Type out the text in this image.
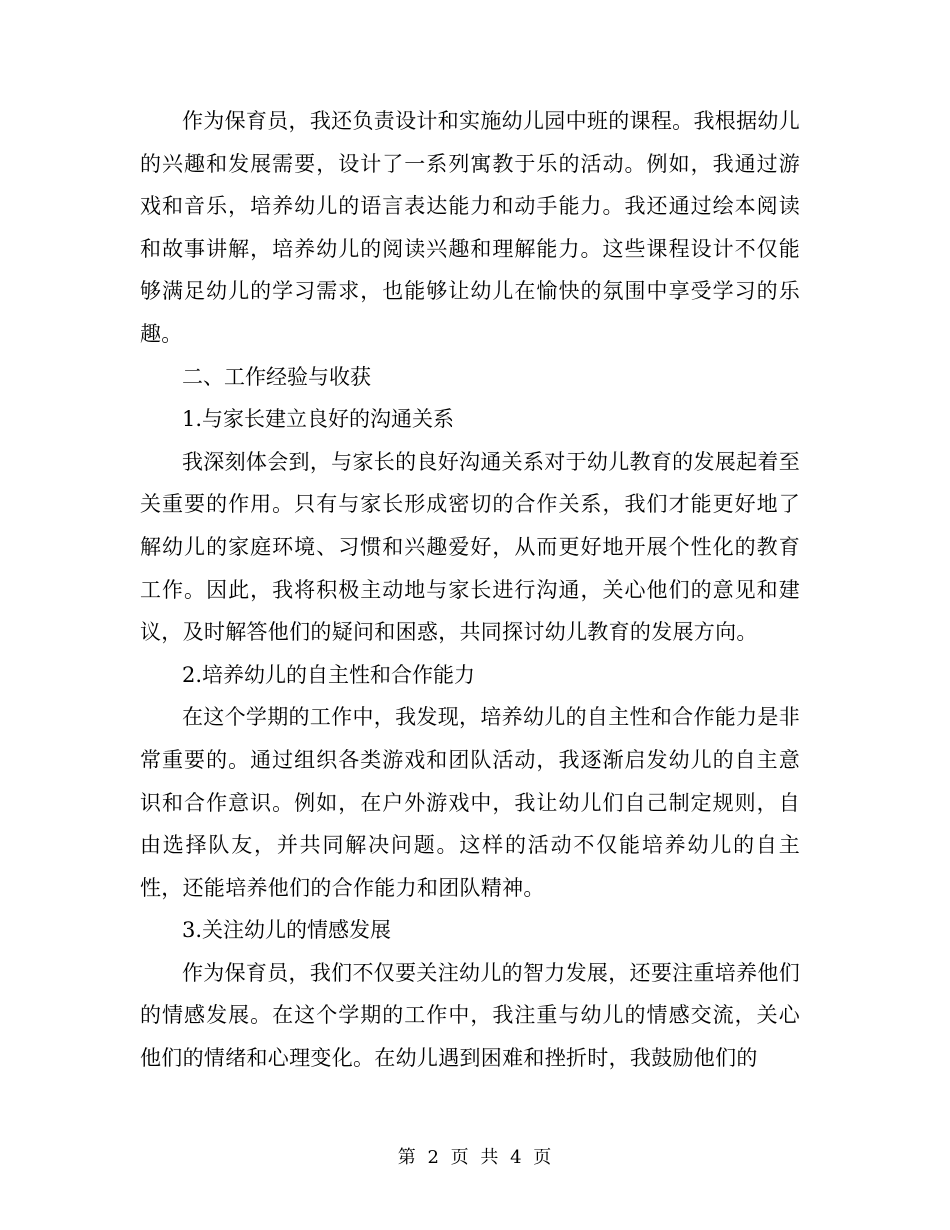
作为保育员，我还负责设计和实施幼儿园中班的课程。我根据幼儿的兴趣和发展需要，设计了一系列寓教于乐的活动。例如，我通过游戏和音乐，培养幼儿的语言表达能力和动手能力。我还通过绘本阅读和故事讲解，培养幼儿的阅读兴趣和理解能力。这些课程设计不仅能够满足幼儿的学习需求，也能够让幼儿在愉快的氛围中享受学习的乐趣。

二、工作经验与收获

1.与家长建立良好的沟通关系

我深刻体会到，与家长的良好沟通关系对于幼儿教育的发展起着至关重要的作用。只有与家长形成密切的合作关系，我们才能更好地了解幼儿的家庭环境、习惯和兴趣爱好，从而更好地开展个性化的教育工作。因此，我将积极主动地与家长进行沟通，关心他们的意见和建议，及时解答他们的疑问和困惑，共同探讨幼儿教育的发展方向。

2.培养幼儿的自主性和合作能力

在这个学期的工作中，我发现，培养幼儿的自主性和合作能力是非常重要的。通过组织各类游戏和团队活动，我逐渐启发幼儿的自主意识和合作意识。例如，在户外游戏中，我让幼儿们自己制定规则，自由选择队友，并共同解决问题。这样的活动不仅能培养幼儿的自主性，还能培养他们的合作能力和团队精神。

3.关注幼儿的情感发展

作为保育员，我们不仅要关注幼儿的智力发展，还要注重培养他们的情感发展。在这个学期的工作中，我注重与幼儿的情感交流，关心他们的情绪和心理变化。在幼儿遇到困难和挫折时，我鼓励他们的

第 2 页 共 4 页
